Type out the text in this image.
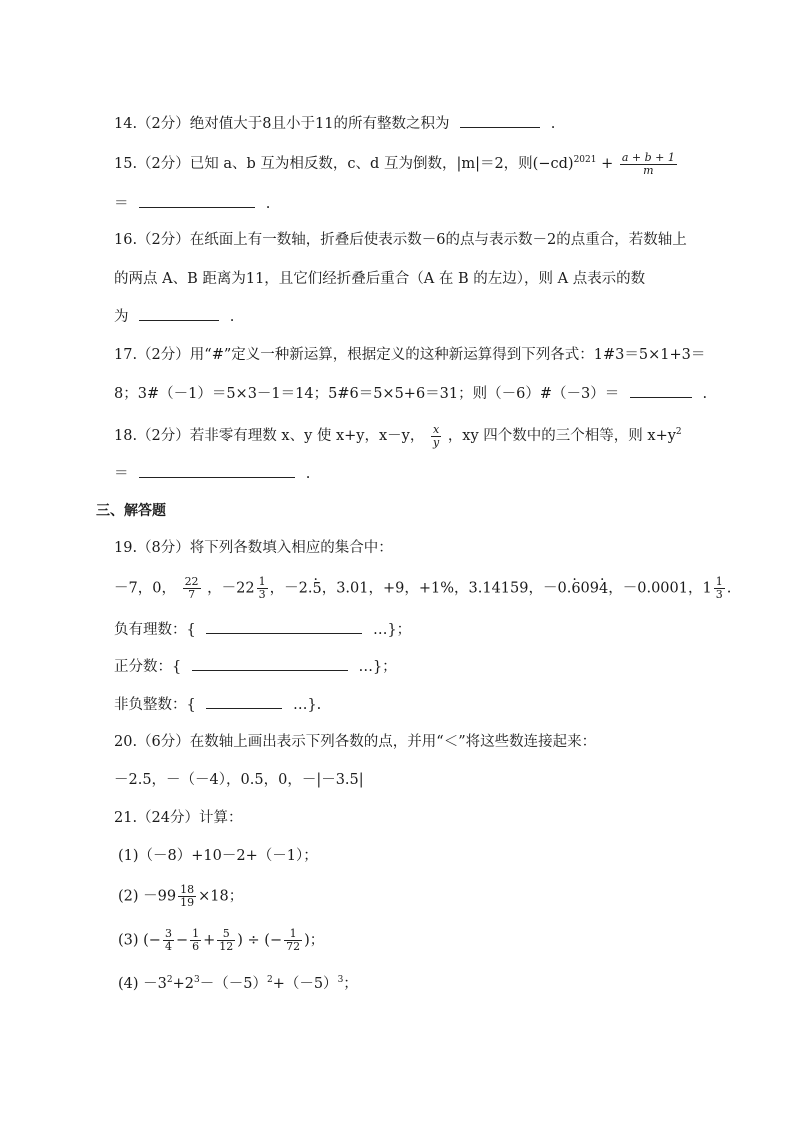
14.（2分）绝对值大于8且小于11的所有整数之积为	.
15.（2分）已知 a、b 互为相反数，c、d 互为倒数，|m|＝2，则$(-cd)^{2021} + \frac{a + b + 1}{m}$
＝	.
16.（2分）在纸面上有一数轴，折叠后使表示数－6的点与表示数－2的点重合，若数轴上
的两点 A、B 距离为11，且它们经折叠后重合（A 在 B 的左边），则 A 点表示的数
为	.
17.（2分）用“#”定义一种新运算，根据定义的这种新运算得到下列各式：1#3＝5×1+3＝
8；3#（－1）＝5×3－1＝14；5#6＝5×5+6＝31；则（－6）#（－3）＝	.
18.（2分）若非零有理数 x、y 使 x+y，x－y， $\frac{x}{y}$ ，xy 四个数中的三个相等，则 $x+y^2$
＝	.
三、解答题
19.（8分）将下列各数填入相应的集合中：
－7，0， $\frac{22}{7}$ ，$-22 \frac{1}{3}$ ，－2.· 5，3.01，+9，+1%，3.14159，－0.· 609· 4，－0.0001，$1 \frac{1}{3}$ .
负有理数：{	…}；
正分数：{	…}；
非负整数：{	…}.
20.（6分）在数轴上画出表示下列各数的点，并用“＜”将这些数连接起来：
－2.5，－（－4），0.5，0，－|－3.5|
21.（24分）计算：
(1)（－8）+10－2+（－1）；
$(2) -99 \frac{18}{19} \times 18$；
(3) (− $\frac{3}{4} - \frac{1}{6} + \frac{5}{12}$ ) ÷ (− $\frac{1}{72}$ )；
$(4) -3^2+2^3-(-5)^2+(-5)^3$；
